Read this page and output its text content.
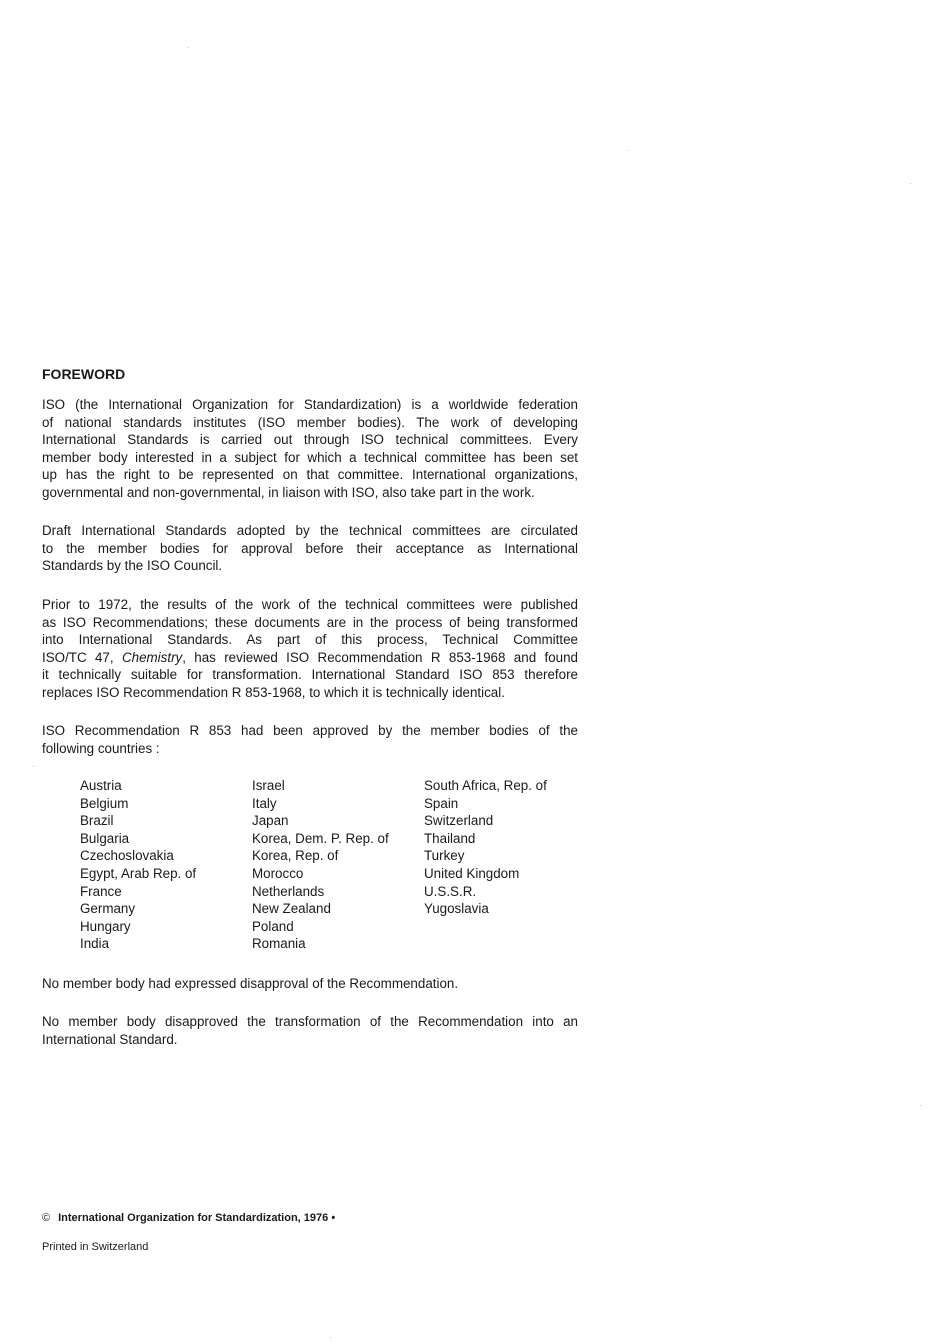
FOREWORD
ISO (the International Organization for Standardization) is a worldwide federation
of national standards institutes (ISO member bodies). The work of developing
International Standards is carried out through ISO technical committees. Every
member body interested in a subject for which a technical committee has been set
up has the right to be represented on that committee. International organizations,
governmental and non-governmental, in liaison with ISO, also take part in the work.
Draft International Standards adopted by the technical committees are circulated
to the member bodies for approval before their acceptance as International
Standards by the ISO Council.
Prior to 1972, the results of the work of the technical committees were published
as ISO Recommendations; these documents are in the process of being transformed
into International Standards. As part of this process, Technical Committee
ISO/TC 47, Chemistry, has reviewed ISO Recommendation R 853-1968 and found
it technically suitable for transformation. International Standard ISO 853 therefore
replaces ISO Recommendation R 853-1968, to which it is technically identical.
ISO Recommendation R 853 had been approved by the member bodies of the
following countries :
Austria
Belgium
Brazil
Bulgaria
Czechoslovakia
Egypt, Arab Rep. of
France
Germany
Hungary
India
Israel
Italy
Japan
Korea, Dem. P. Rep. of
Korea, Rep. of
Morocco
Netherlands
New Zealand
Poland
Romania
South Africa, Rep. of
Spain
Switzerland
Thailand
Turkey
United Kingdom
U.S.S.R.
Yugoslavia
No member body had expressed disapproval of the Recommendation.
No member body disapproved the transformation of the Recommendation into an
International Standard.
© International Organization for Standardization, 1976 •
Printed in Switzerland
